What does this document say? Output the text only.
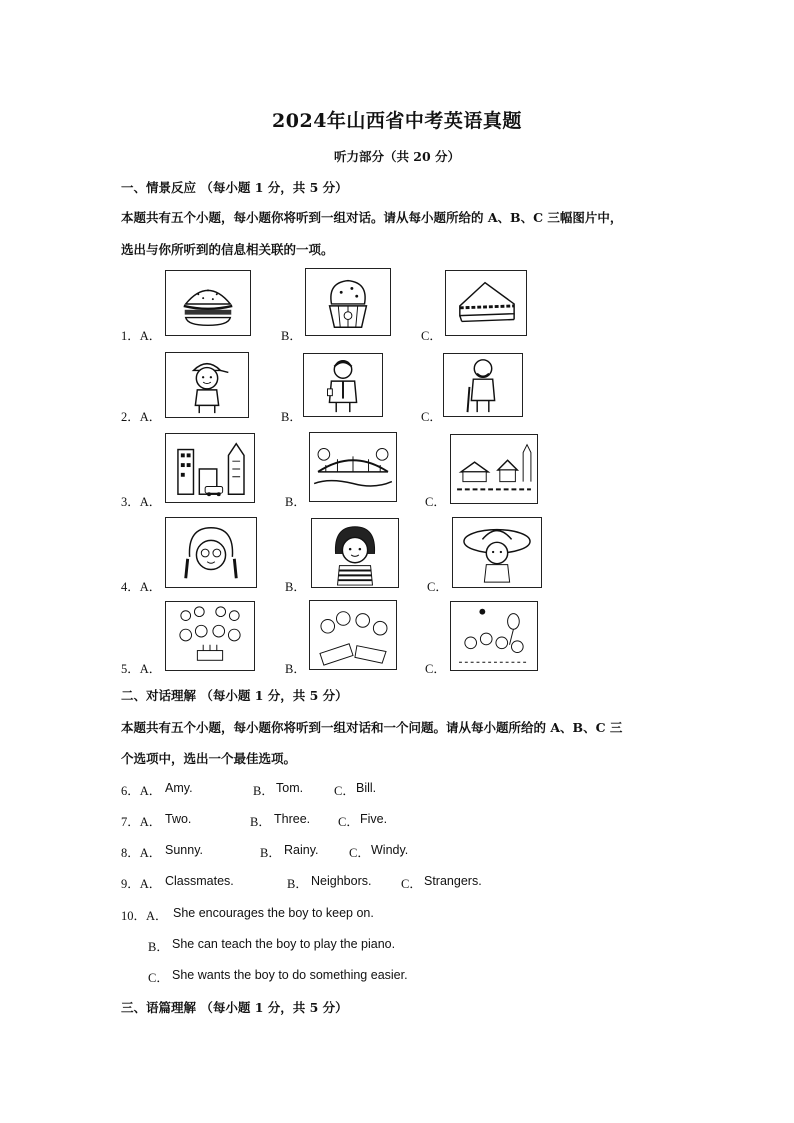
2024年山西省中考英语真题
听力部分（共 20 分）
一、情景反应 （每小题 1 分，共 5 分）
本题共有五个小题，每小题你将听到一组对话。请从每小题所给的 A、B、C 三幅图片中，
选出与你所听到的信息相关联的一项。
1．A．	B．	C．
2．A．	B．	C．
3．A．	B．	C．
4．A．	B．	C．
5．A．	B．	C．
二、对话理解 （每小题 1 分，共 5 分）
本题共有五个小题，每小题你将听到一组对话和一个问题。请从每小题所给的 A、B、C 三
个选项中，选出一个最佳选项。
6．A． Amy.	B． Tom. C． Bill.
7．A． Two.	B． Three. C． Five.
8．A． Sunny.	B． Rainy. C． Windy.
9．A． Classmates.	B． Neighbors. C． Strangers.
10．A． She encourages the boy to keep on.
B． She can teach the boy to play the piano.
C． She wants the boy to do something easier.
三、语篇理解 （每小题 1 分，共 5 分）
